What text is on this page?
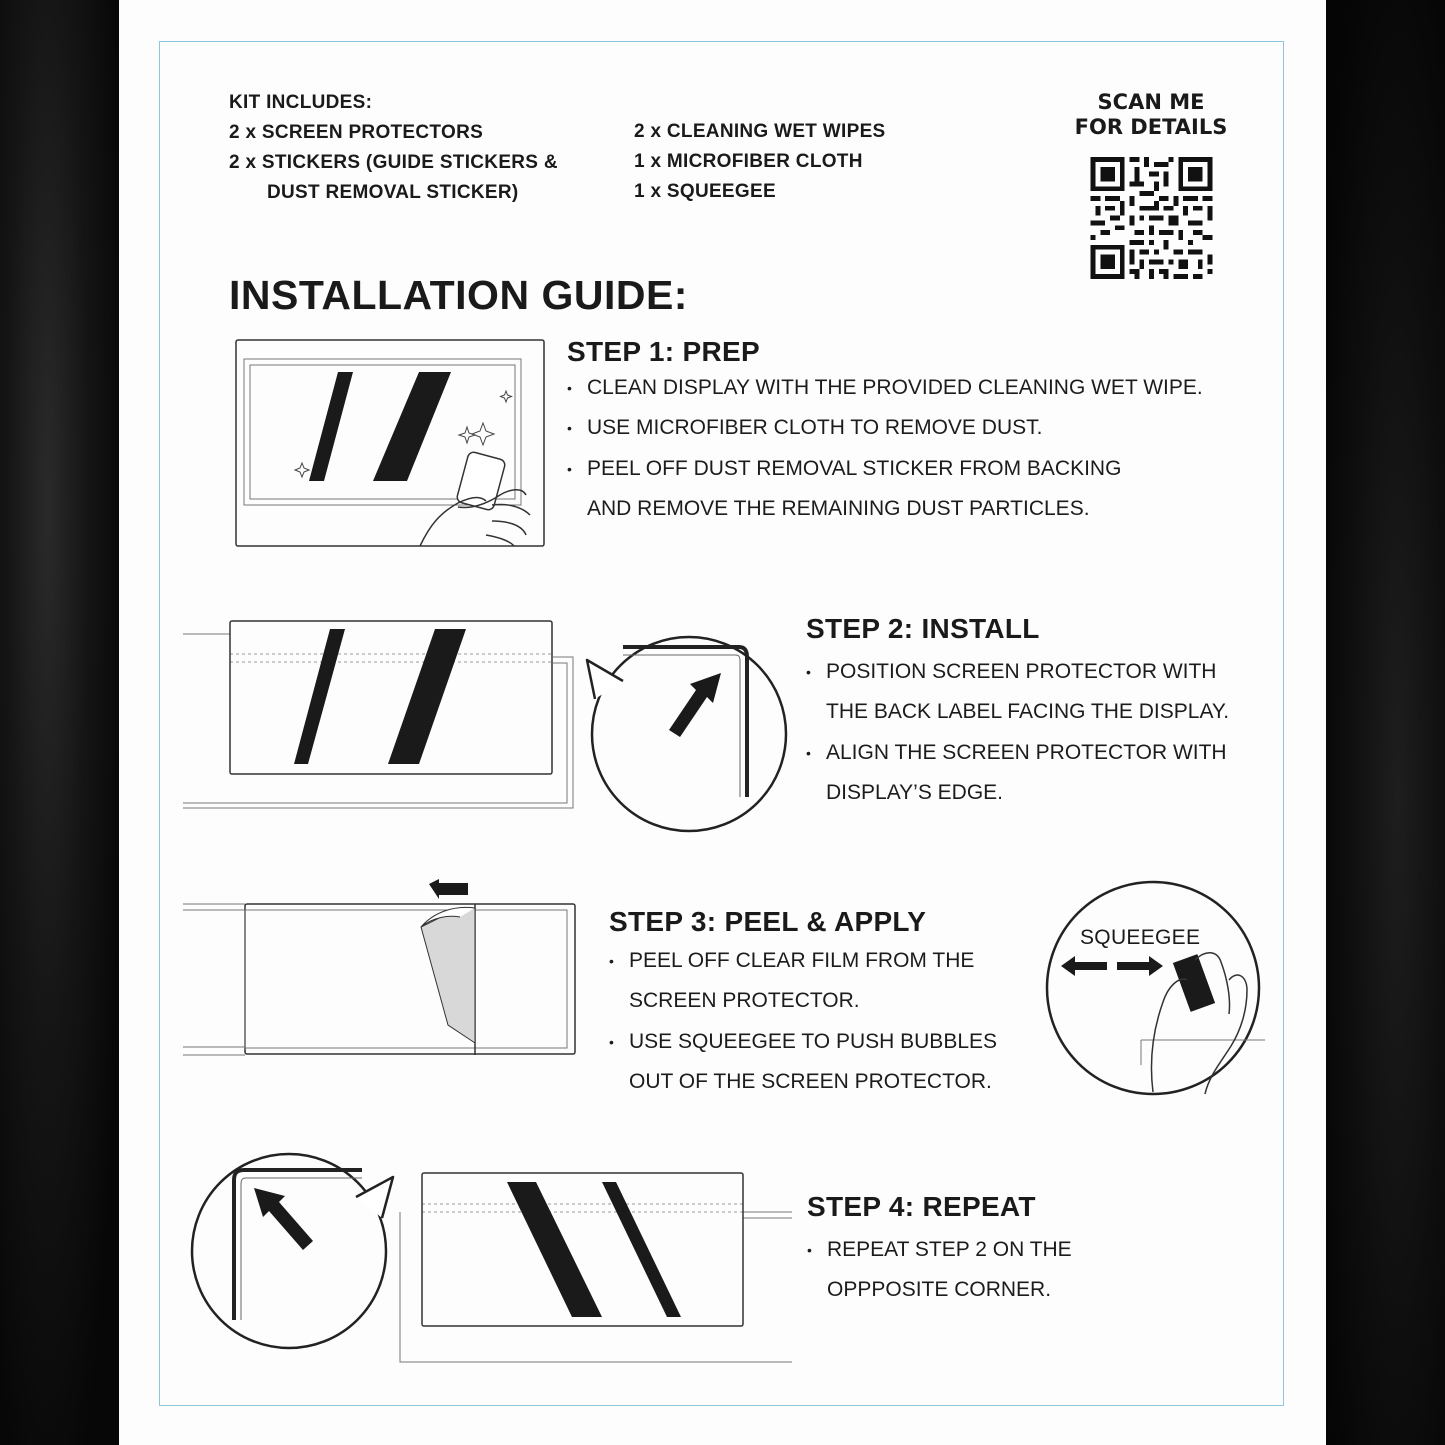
KIT INCLUDES:
2 x SCREEN PROTECTORS
2 x STICKERS (GUIDE STICKERS &
DUST REMOVAL STICKER)
2 x CLEANING WET WIPES
1 x MICROFIBER CLOTH
1 x SQUEEGEE
SCAN ME
FOR DETAILS
INSTALLATION GUIDE:
STEP 1: PREP
• CLEAN DISPLAY WITH THE PROVIDED CLEANING WET WIPE.
• USE MICROFIBER CLOTH TO REMOVE DUST.
• PEEL OFF DUST REMOVAL STICKER FROM BACKING
AND REMOVE THE REMAINING DUST PARTICLES.
STEP 2: INSTALL
• POSITION SCREEN PROTECTOR WITH
THE BACK LABEL FACING THE DISPLAY.
• ALIGN THE SCREEN PROTECTOR WITH
DISPLAY’S EDGE.
STEP 3: PEEL & APPLY
• PEEL OFF CLEAR FILM FROM THE
SCREEN PROTECTOR.
• USE SQUEEGEE TO PUSH BUBBLES
OUT OF THE SCREEN PROTECTOR.
SQUEEGEE
STEP 4: REPEAT
• REPEAT STEP 2 ON THE
OPPPOSITE CORNER.
